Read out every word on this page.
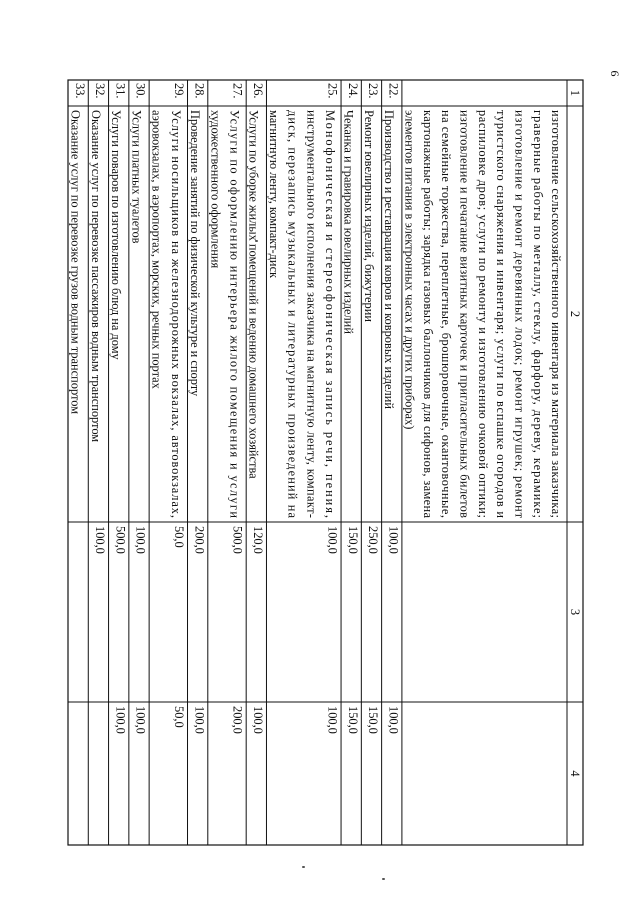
9
1
2
3
4
изготовление сельскохозяйственного инвентаря из материала заказчика;
граверные работы по металлу, стеклу, фарфору, дереву, керамике;
изготовление и ремонт деревянных лодок; ремонт игрушек; ремонт
туристского снаряжения и инвентаря; услуги по вспашке огородов и
распиловке дров; услуги по ремонту и изготовлению очковой оптики;
изготовление и печатание визитных карточек и пригласительных билетов
на семейные торжества, переплетные, брошюровочные, окантовочные,
картонажные работы; зарядка газовых баллончиков для сифонов, замена
элементов питания в электронных часах и других приборах)
22.
Производство и реставрация ковров и ковровых изделий
100,0
100,0
23.
Ремонт ювелирных изделий, бижутерии
250,0
150,0
24.
Чеканка и гравировка ювелирных изделий
150,0
150,0
25.
Монофоническая и стереофоническая запись речи, пения,
инструментального исполнения заказчика на магнитную ленту, компакт-
диск, перезапись музыкальных и литературных произведений на
магнитную ленту, компакт-диск
100,0
100,0
26.
Услуги по уборке жилых помещений и ведению домашнего хозяйства
120,0
100,0
27.
Услуги по оформлению интерьера жилого помещения и услуги
художественного оформления
500,0
200,0
28.
Проведение занятий по физической культуре и спорту
200,0
100,0
29.
Услуги носильщиков на железнодорожных вокзалах, автовокзалах,
аэровокзалах, в аэропортах, морских, речных портах
50,0
50,0
30.
Услуги платных туалетов
100,0
100,0
31.
Услуги поваров по изготовлению блюд на дому
500,0
100,0
32.
Оказание услуг по перевозке пассажиров водным транспортом
100,0
33.
Оказание услуг по перевозке грузов водным транспортом
